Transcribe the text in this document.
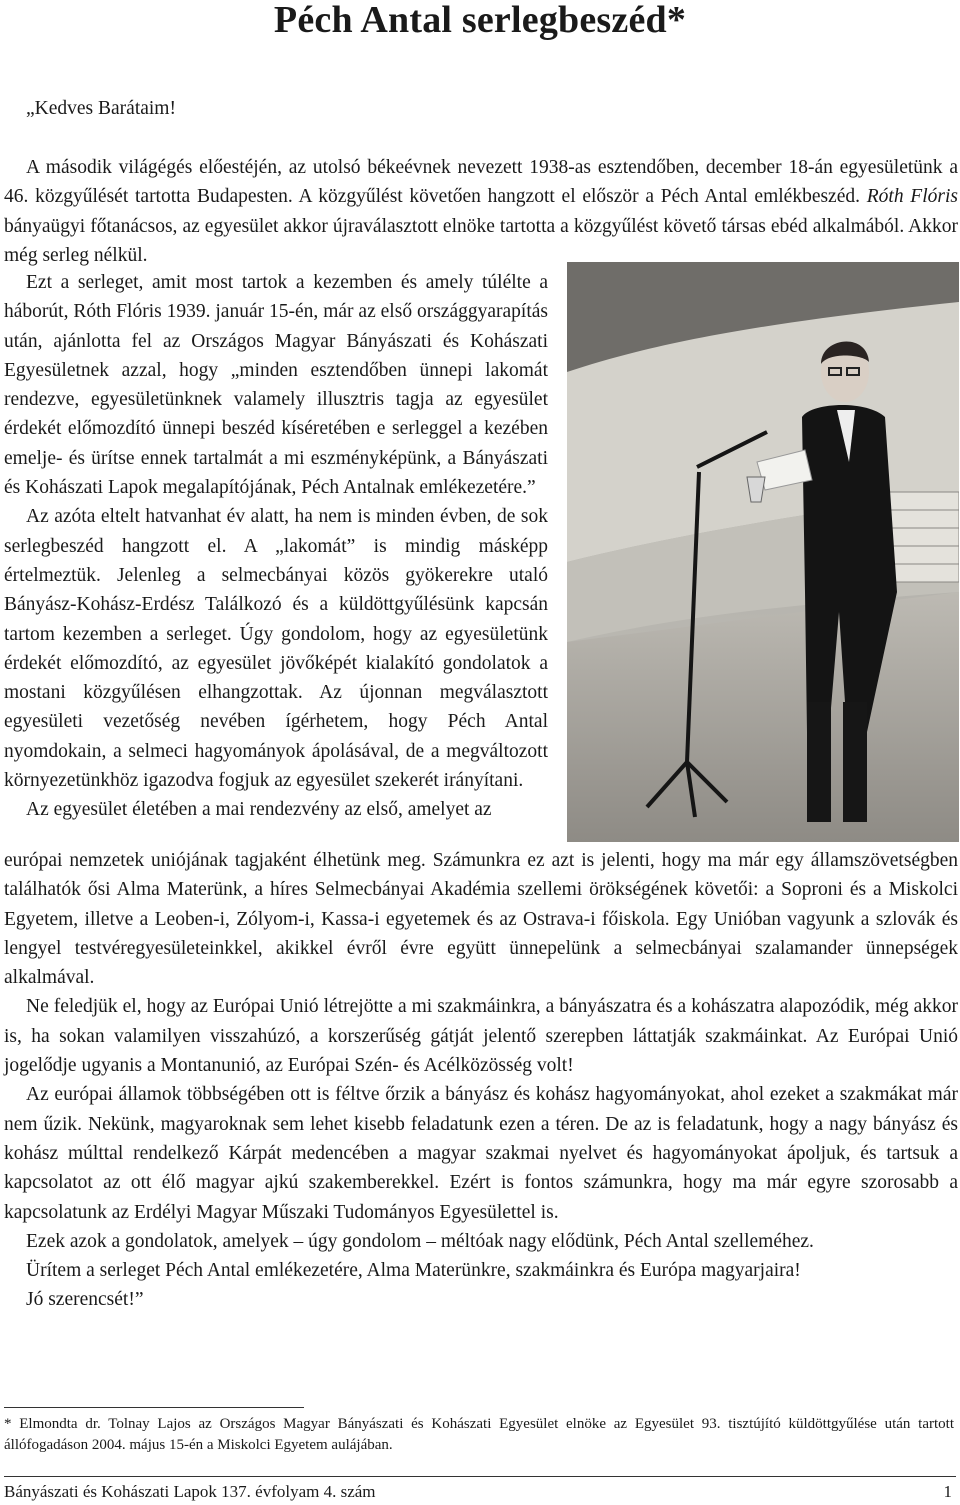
Péch Antal serlegbeszéd*
„Kedves Barátaim!

A második világégés előestéjén, az utolsó békeévnek nevezett 1938-as esztendőben, december 18-án egyesületünk a 46. közgyűlését tartotta Budapesten. A közgyűlést követően hangzott el először a Péch Antal emlékbeszéd. Róth Flóris bányaügyi főtanácsos, az egyesület akkor újraválasztott elnöke tartotta a közgyűlést követő társas ebéd alkalmából. Akkor még serleg nélkül.

Ezt a serleget, amit most tartok a kezemben és amely túlélte a háborút, Róth Flóris 1939. január 15-én, már az első országgyarapítás után, ajánlotta fel az Országos Magyar Bányászati és Kohászati Egyesületnek azzal, hogy „minden esztendőben ünnepi lakomát rendezve, egyesületünknek valamely illusztris tagja az egyesület érdekét előmozdító ünnepi beszéd kíséretében e serleggel a kezében emelje- és ürítse ennek tartalmát a mi eszményképünk, a Bányászati és Kohászati Lapok megalapítójának, Péch Antalnak emlékezetére.”

Az azóta eltelt hatvanhat év alatt, ha nem is minden évben, de sok serlegbeszéd hangzott el. A „lakomát” is mindig másképp értelmeztük. Jelenleg a selmecbányai közös gyökerekre utaló Bányász-Kohász-Erdész Találkozó és a küldöttgyűlésünk kapcsán tartom kezemben a serleget. Úgy gondolom, hogy az egyesületünk érdekét előmozdító, az egyesület jövőképét kialakító gondolatok a mostani közgyűlésen elhangzottak. Az újonnan megválasztott egyesületi vezetőség nevében ígérhetem, hogy Péch Antal nyomdokain, a selmeci hagyományok ápolásával, de a megváltozott környezetünkhöz igazodva fogjuk az egyesület szekerét irányítani.

Az egyesület életében a mai rendezvény az első, amelyet az

európai nemzetek uniójának tagjaként élhetünk meg. Számunkra ez azt is jelenti, hogy ma már egy államszövetségben találhatók ősi Alma Materünk, a híres Selmecbányai Akadémia szellemi örökségének követői: a Soproni és a Miskolci Egyetem, illetve a Leoben-i, Zólyom-i, Kassa-i egyetemek és az Ostrava-i főiskola. Egy Unióban vagyunk a szlovák és lengyel testvéregyesületeinkkel, akikkel évről évre együtt ünnepelünk a selmecbányai szalamander ünnepségek alkalmával.

Ne feledjük el, hogy az Európai Unió létrejötte a mi szakmáinkra, a bányászatra és a kohászatra alapozódik, még akkor is, ha sokan valamilyen visszahúzó, a korszerűség gátját jelentő szerepben láttatják szakmáinkat. Az Európai Unió jogelődje ugyanis a Montanunió, az Európai Szén- és Acélközösség volt!

Az európai államok többségében ott is féltve őrzik a bányász és kohász hagyományokat, ahol ezeket a szakmákat már nem űzik. Nekünk, magyaroknak sem lehet kisebb feladatunk ezen a téren. De az is feladatunk, hogy a nagy bányász és kohász múlttal rendelkező Kárpát medencében a magyar szakmai nyelvet és hagyományokat ápoljuk, és tartsuk a kapcsolatot az ott élő magyar ajkú szakemberekkel. Ezért is fontos számunkra, hogy ma már egyre szorosabb a kapcsolatunk az Erdélyi Magyar Műszaki Tudományos Egyesülettel is.

Ezek azok a gondolatok, amelyek – úgy gondolom – méltóak nagy elődünk, Péch Antal szelleméhez.

Ürítem a serleget Péch Antal emlékezetére, Alma Materünkre, szakmáinkra és Európa magyarjaira!

Jó szerencsét!”

* Elmondta dr. Tolnay Lajos az Országos Magyar Bányászati és Kohászati Egyesület elnöke az Egyesület 93. tisztújító küldöttgyűlése után tartott állófogadáson 2004. május 15-én a Miskolci Egyetem aulájában.
Bányászati és Kohászati Lapok 137. évfolyam 4. szám	1
